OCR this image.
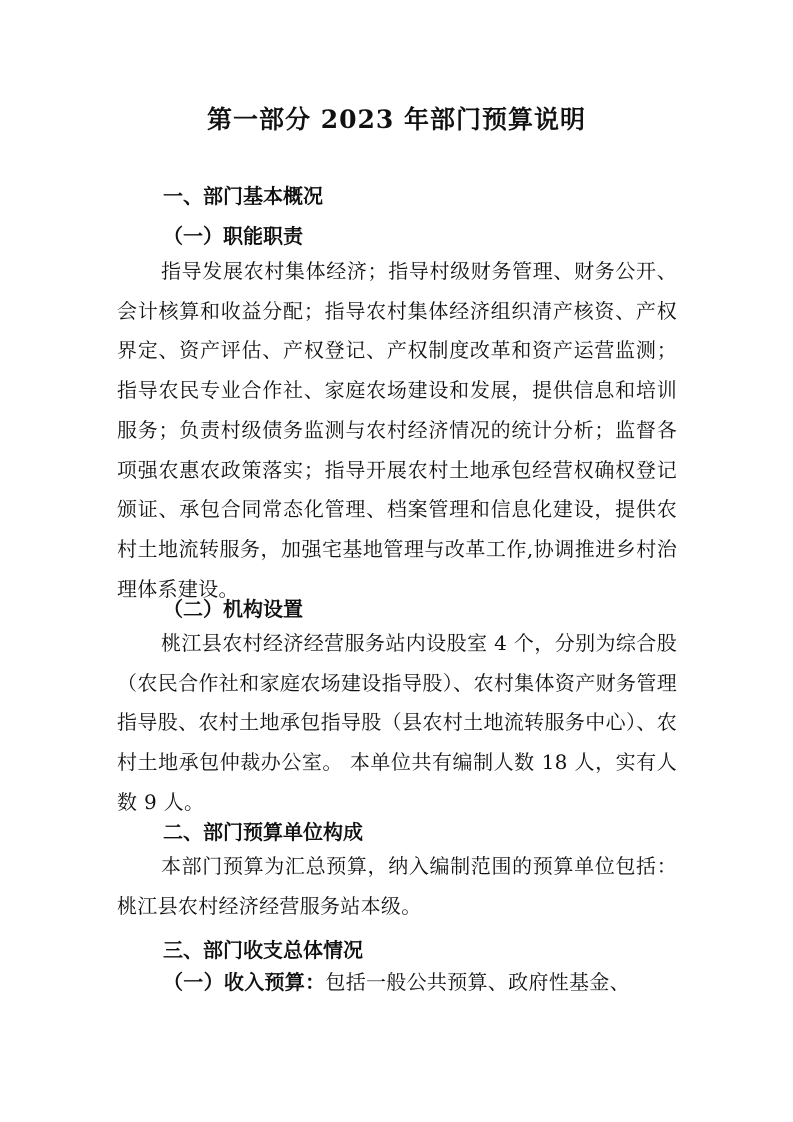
第一部分 2023 年部门预算说明
一、部门基本概况
（一）职能职责

指导发展农村集体经济；指导村级财务管理、财务公开、会计核算和收益分配；指导农村集体经济组织清产核资、产权界定、资产评估、产权登记、产权制度改革和资产运营监测；指导农民专业合作社、家庭农场建设和发展，提供信息和培训服务；负责村级债务监测与农村经济情况的统计分析；监督各项强农惠农政策落实；指导开展农村土地承包经营权确权登记颁证、承包合同常态化管理、档案管理和信息化建设，提供农村土地流转服务，加强宅基地管理与改革工作,协调推进乡村治理体系建设。

（二）机构设置

桃江县农村经济经营服务站内设股室 4 个，分别为综合股（农民合作社和家庭农场建设指导股）、农村集体资产财务管理指导股、农村土地承包指导股（县农村土地流转服务中心）、农村土地承包仲裁办公室。 本单位共有编制人数 18 人，实有人数 9 人。

二、部门预算单位构成

本部门预算为汇总预算，纳入编制范围的预算单位包括：桃江县农村经济经营服务站本级。

三、部门收支总体情况

（一）收入预算：包括一般公共预算、政府性基金、
